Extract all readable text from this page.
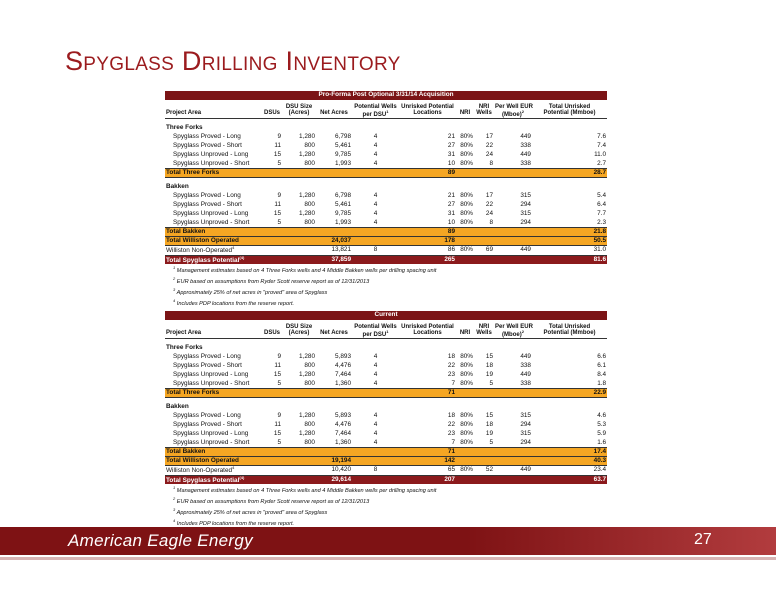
Spyglass Drilling Inventory
Pro-Forma Post Optional 3/31/14 Acquisition									
		DSU Size		Potential Wells	Unrisked Potential		NRI	Per Well EUR	Total Unrisked
Project Area	DSUs	(Acres)	Net Acres	per DSU$^1$	Locations	NRI	Wells	(Mboe)$^2$	Potential (Mmboe)

Three Forks									
Spyglass Proved - Long	9	1,280	6,798	4	21	80%	17	449	7.6
Spyglass Proved - Short	11	800	5,461	4	27	80%	22	338	7.4
Spyglass Unproved - Long	15	1,280	9,785	4	31	80%	24	449	11.0
Spyglass Unproved - Short	5	800	1,993	4	10	80%	8	338	2.7
Total Three Forks					89				28.7

Bakken									
Spyglass Proved - Long	9	1,280	6,798	4	21	80%	17	315	5.4
Spyglass Proved - Short	11	800	5,461	4	27	80%	22	294	6.4
Spyglass Unproved - Long	15	1,280	9,785	4	31	80%	24	315	7.7
Spyglass Unproved - Short	5	800	1,993	4	10	80%	8	294	2.3
Total Bakken					89				21.8
Total Williston Operated			24,037		178				50.5
Williston Non-Operated$^4$			13,821	8	86	80%	69	449	31.0
Total Spyglass Potential$^{(4)}$			37,859		265				81.6
$^1$ Management estimates based on 4 Three Forks wells and 4 Middle Bakken wells per drilling spacing unit									
$^2$ EUR based on assumptions from Ryder Scott reserve report as of 12/31/2013									
$^3$ Approximately 25% of net acres in "proved" area of Spyglass									
$^4$ Includes PDP locations from the reserve report.									
Current									
		DSU Size		Potential Wells	Unrisked Potential		NRI	Per Well EUR	Total Unrisked
Project Area	DSUs	(Acres)	Net Acres	per DSU$^1$	Locations	NRI	Wells	(Mboe)$^2$	Potential (Mmboe)

Three Forks									
Spyglass Proved - Long	9	1,280	5,893	4	18	80%	15	449	6.6
Spyglass Proved - Short	11	800	4,476	4	22	80%	18	338	6.1
Spyglass Unproved - Long	15	1,280	7,464	4	23	80%	19	449	8.4
Spyglass Unproved - Short	5	800	1,360	4	7	80%	5	338	1.8
Total Three Forks					71				22.9

Bakken									
Spyglass Proved - Long	9	1,280	5,893	4	18	80%	15	315	4.6
Spyglass Proved - Short	11	800	4,476	4	22	80%	18	294	5.3
Spyglass Unproved - Long	15	1,280	7,464	4	23	80%	19	315	5.9
Spyglass Unproved - Short	5	800	1,360	4	7	80%	5	294	1.6
Total Bakken					71				17.4
Total Williston Operated			19,194		142				40.3
Williston Non-Operated$^4$			10,420	8	65	80%	52	449	23.4
Total Spyglass Potential$^{(4)}$			29,614		207				63.7
$^1$ Management estimates based on 4 Three Forks wells and 4 Middle Bakken wells per drilling spacing unit									
$^2$ EUR based on assumptions from Ryder Scott reserve report as of 12/31/2013									
$^3$ Approximately 25% of net acres in "proved" area of Spyglass									
$^4$ Includes PDP locations from the reserve report.									
American Eagle Energy	27
